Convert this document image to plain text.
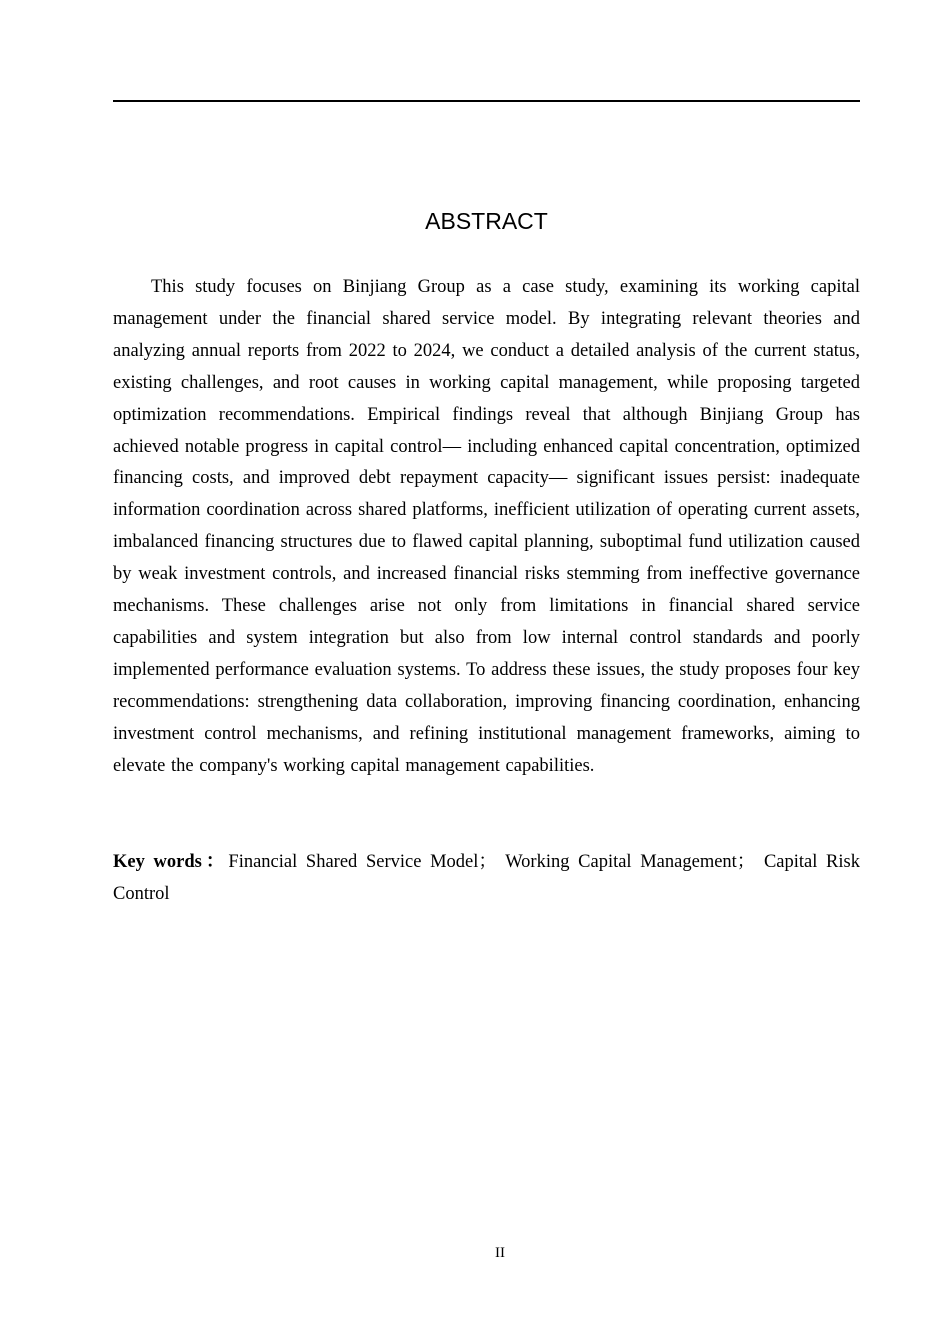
ABSTRACT

This study focuses on Binjiang Group as a case study, examining its working capital management under the financial shared service model. By integrating relevant theories and analyzing annual reports from 2022 to 2024, we conduct a detailed analysis of the current status, existing challenges, and root causes in working capital management, while proposing targeted optimization recommendations. Empirical findings reveal that although Binjiang Group has achieved notable progress in capital control— including enhanced capital concentration, optimized financing costs, and improved debt repayment capacity— significant issues persist: inadequate information coordination across shared platforms, inefficient utilization of operating current assets, imbalanced financing structures due to flawed capital planning, suboptimal fund utilization caused by weak investment controls, and increased financial risks stemming from ineffective governance mechanisms. These challenges arise not only from limitations in financial shared service capabilities and system integration but also from low internal control standards and poorly implemented performance evaluation systems. To address these issues, the study proposes four key recommendations: strengthening data collaboration, improving financing coordination, enhancing investment control mechanisms, and refining institutional management frameworks, aiming to elevate the company's working capital management capabilities.

Key words：Financial Shared Service Model； Working Capital Management； Capital Risk Control

II
